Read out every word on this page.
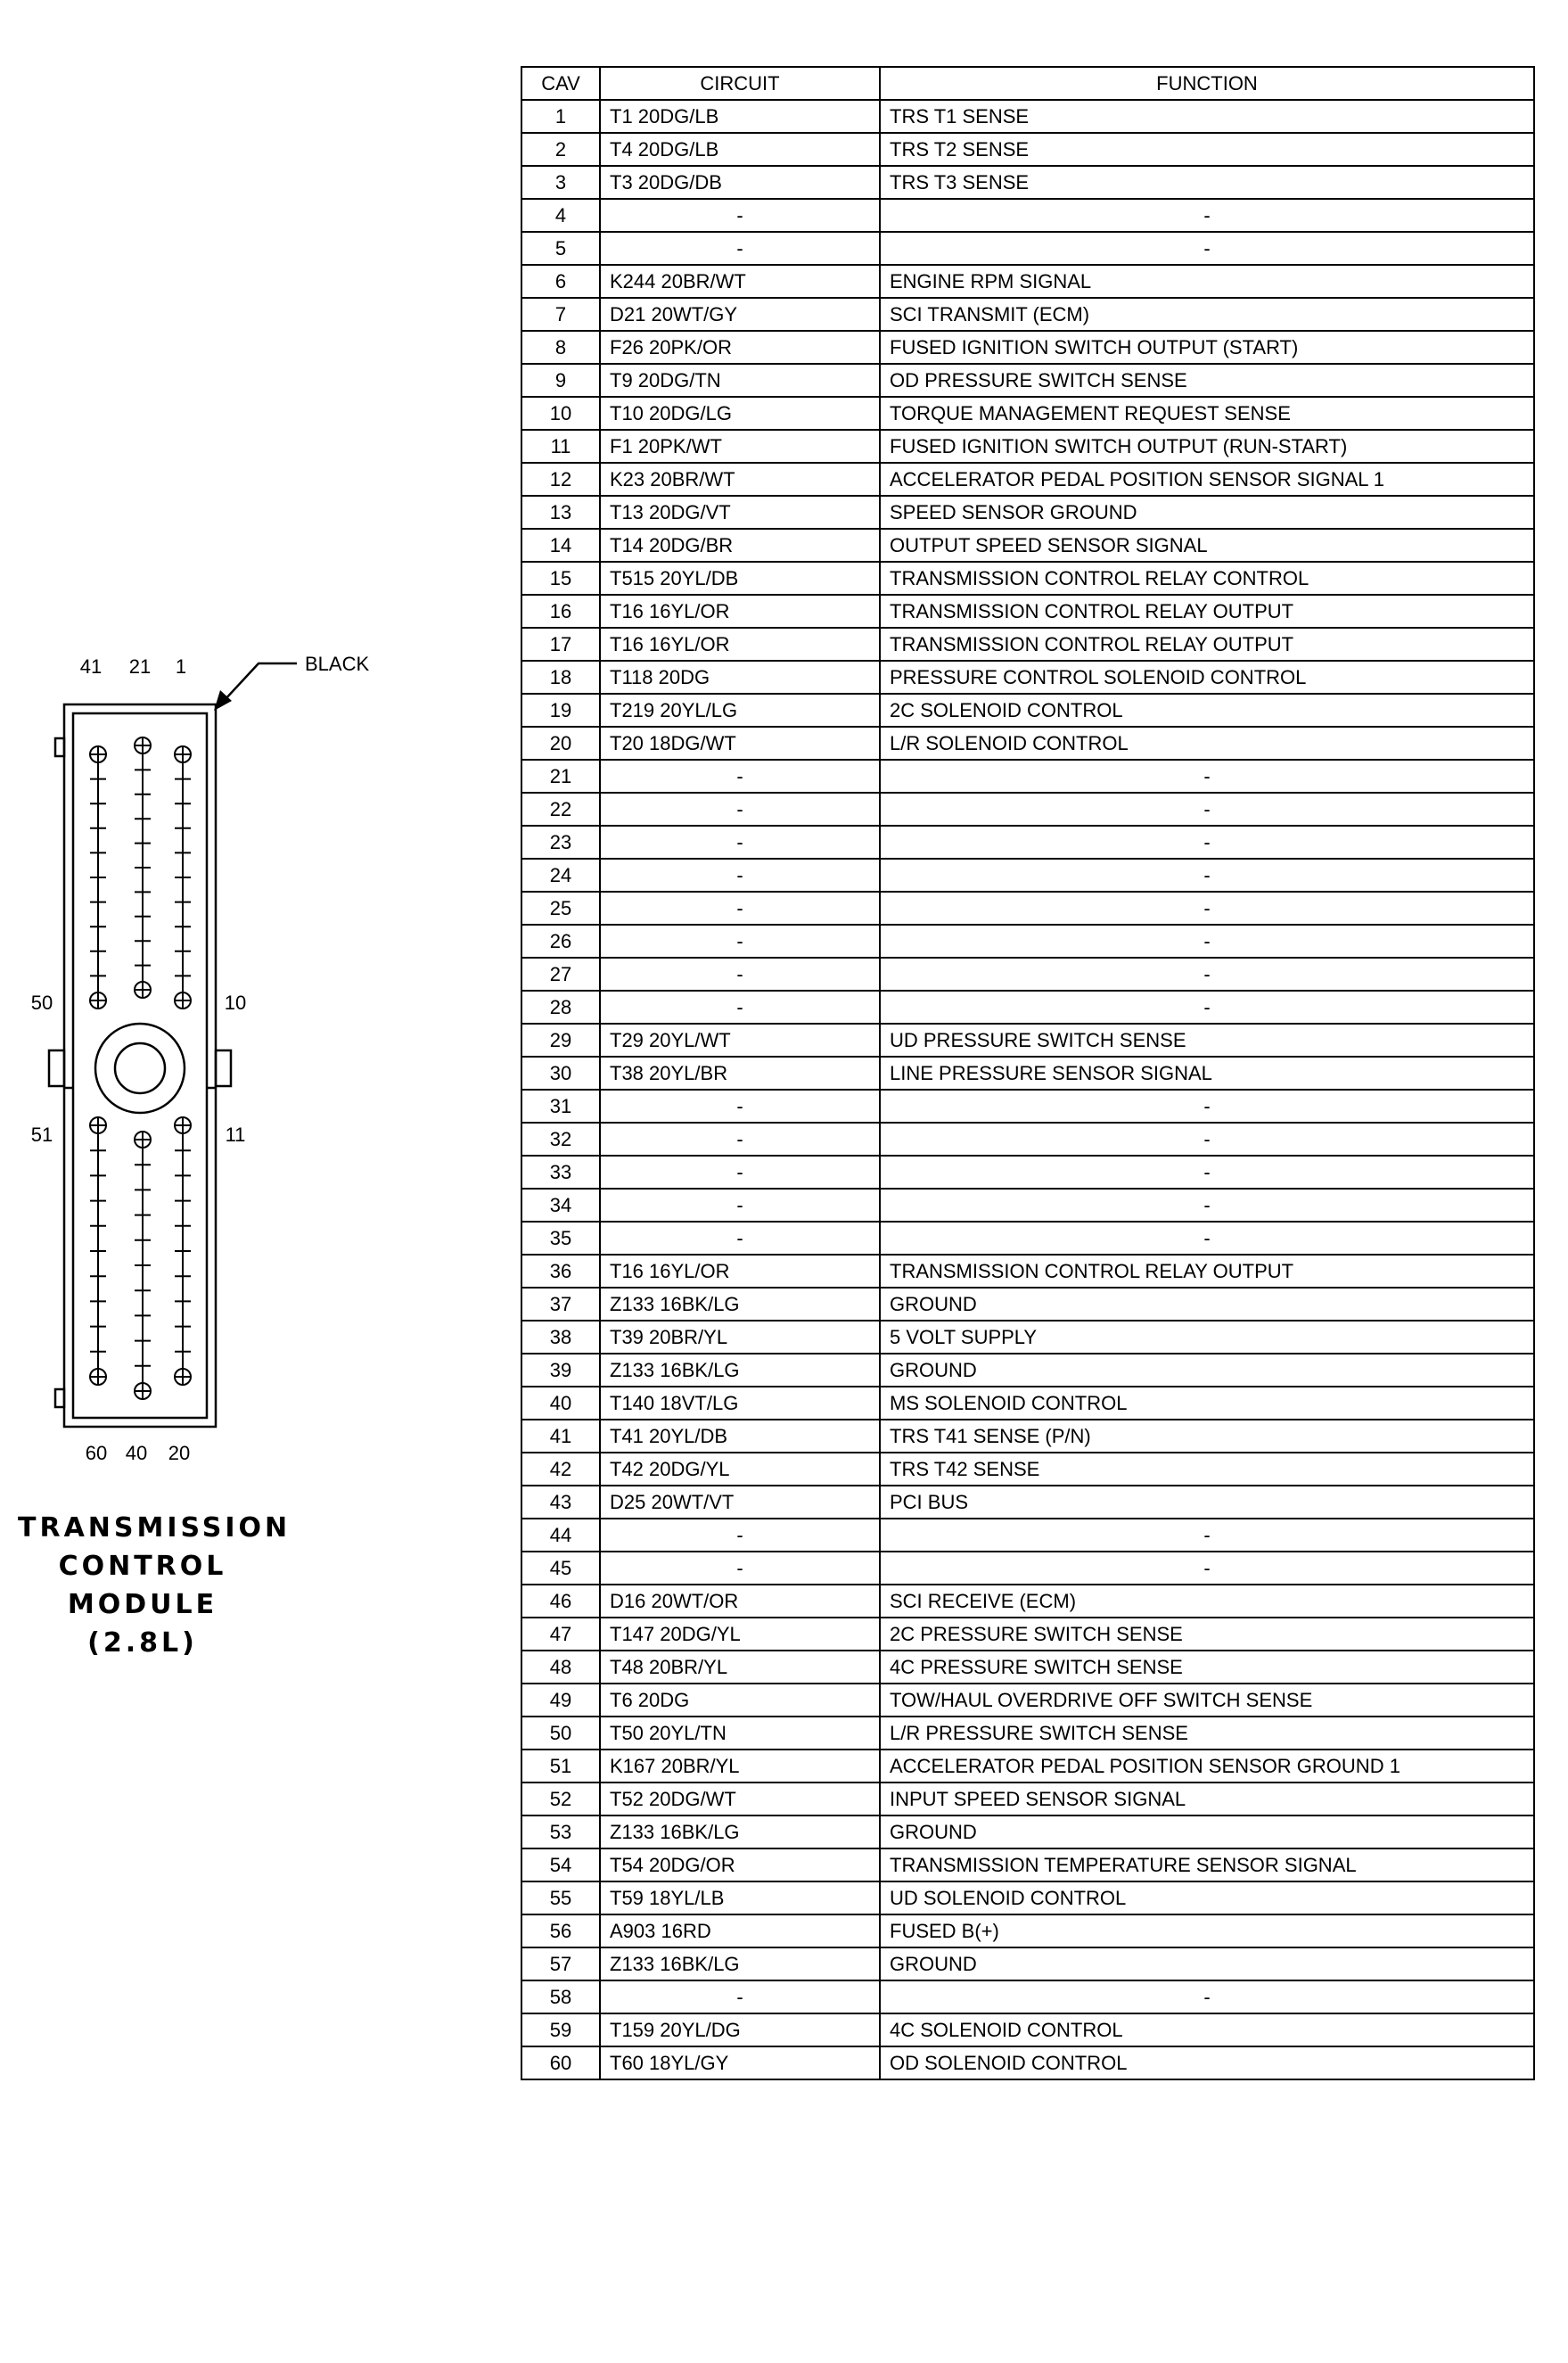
41 21 1	BLACK
50	10
51	11
60 40 20
TRANSMISSION
CONTROL
MODULE
(2.8L)
CAV	CIRCUIT	FUNCTION
1	T1 20DG/LB	TRS T1 SENSE
2	T4 20DG/LB	TRS T2 SENSE
3	T3 20DG/DB	TRS T3 SENSE
4	-	-
5	-	-
6	K244 20BR/WT	ENGINE RPM SIGNAL
7	D21 20WT/GY	SCI TRANSMIT (ECM)
8	F26 20PK/OR	FUSED IGNITION SWITCH OUTPUT (START)
9	T9 20DG/TN	OD PRESSURE SWITCH SENSE
10	T10 20DG/LG	TORQUE MANAGEMENT REQUEST SENSE
11	F1 20PK/WT	FUSED IGNITION SWITCH OUTPUT (RUN-START)
12	K23 20BR/WT	ACCELERATOR PEDAL POSITION SENSOR SIGNAL 1
13	T13 20DG/VT	SPEED SENSOR GROUND
14	T14 20DG/BR	OUTPUT SPEED SENSOR SIGNAL
15	T515 20YL/DB	TRANSMISSION CONTROL RELAY CONTROL
16	T16 16YL/OR	TRANSMISSION CONTROL RELAY OUTPUT
17	T16 16YL/OR	TRANSMISSION CONTROL RELAY OUTPUT
18	T118 20DG	PRESSURE CONTROL SOLENOID CONTROL
19	T219 20YL/LG	2C SOLENOID CONTROL
20	T20 18DG/WT	L/R SOLENOID CONTROL
21	-	-
22	-	-
23	-	-
24	-	-
25	-	-
26	-	-
27	-	-
28	-	-
29	T29 20YL/WT	UD PRESSURE SWITCH SENSE
30	T38 20YL/BR	LINE PRESSURE SENSOR SIGNAL
31	-	-
32	-	-
33	-	-
34	-	-
35	-	-
36	T16 16YL/OR	TRANSMISSION CONTROL RELAY OUTPUT
37	Z133 16BK/LG	GROUND
38	T39 20BR/YL	5 VOLT SUPPLY
39	Z133 16BK/LG	GROUND
40	T140 18VT/LG	MS SOLENOID CONTROL
41	T41 20YL/DB	TRS T41 SENSE (P/N)
42	T42 20DG/YL	TRS T42 SENSE
43	D25 20WT/VT	PCI BUS
44	-	-
45	-	-
46	D16 20WT/OR	SCI RECEIVE (ECM)
47	T147 20DG/YL	2C PRESSURE SWITCH SENSE
48	T48 20BR/YL	4C PRESSURE SWITCH SENSE
49	T6 20DG	TOW/HAUL OVERDRIVE OFF SWITCH SENSE
50	T50 20YL/TN	L/R PRESSURE SWITCH SENSE
51	K167 20BR/YL	ACCELERATOR PEDAL POSITION SENSOR GROUND 1
52	T52 20DG/WT	INPUT SPEED SENSOR SIGNAL
53	Z133 16BK/LG	GROUND
54	T54 20DG/OR	TRANSMISSION TEMPERATURE SENSOR SIGNAL
55	T59 18YL/LB	UD SOLENOID CONTROL
56	A903 16RD	FUSED B(+)
57	Z133 16BK/LG	GROUND
58	-	-
59	T159 20YL/DG	4C SOLENOID CONTROL
60	T60 18YL/GY	OD SOLENOID CONTROL
